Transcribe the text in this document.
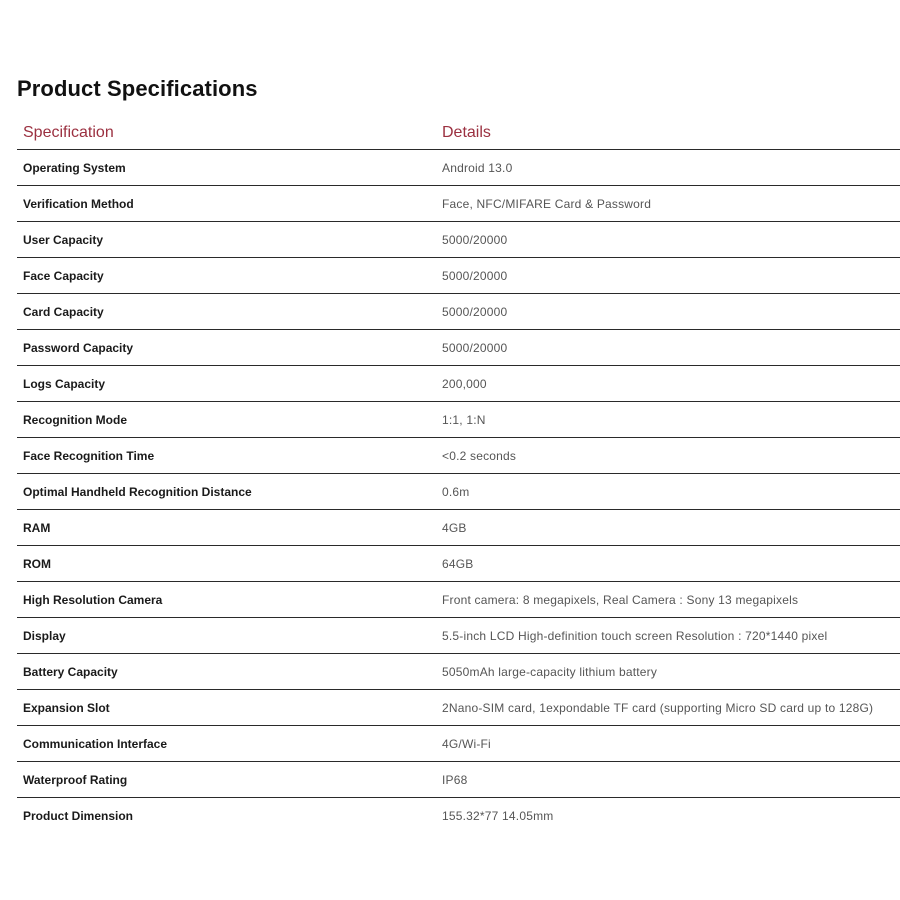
Product Specifications
Specification	Details
Operating System	Android 13.0
Verification Method	Face, NFC/MIFARE Card & Password
User Capacity	5000/20000
Face Capacity	5000/20000
Card Capacity	5000/20000
Password Capacity	5000/20000
Logs Capacity	200,000
Recognition Mode	1:1, 1:N
Face Recognition Time	<0.2 seconds
Optimal Handheld Recognition Distance	0.6m
RAM	4GB
ROM	64GB
High Resolution Camera	Front camera: 8 megapixels, Real Camera : Sony 13 megapixels
Display	5.5-inch LCD High-definition touch screen Resolution : 720*1440 pixel
Battery Capacity	5050mAh large-capacity lithium battery
Expansion Slot	2Nano-SIM card, 1expondable TF card (supporting Micro SD card up to 128G)
Communication Interface	4G/Wi-Fi
Waterproof Rating	IP68
Product Dimension	155.32*77 14.05mm
